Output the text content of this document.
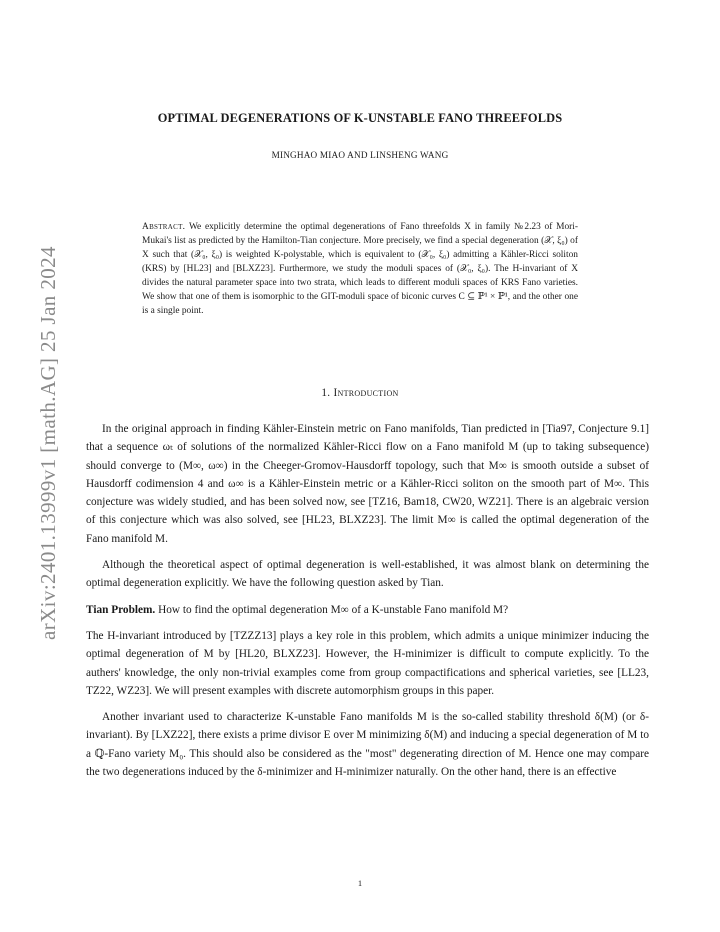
arXiv:2401.13999v1 [math.AG] 25 Jan 2024
OPTIMAL DEGENERATIONS OF K-UNSTABLE FANO THREEFOLDS
MINGHAO MIAO AND LINSHENG WANG
Abstract. We explicitly determine the optimal degenerations of Fano threefolds X in family №2.23 of Mori-Mukai's list as predicted by the Hamilton-Tian conjecture. More precisely, we find a special degeneration (𝒳, ξ₀) of X such that (𝒳₀, ξ₀) is weighted K-polystable, which is equivalent to (𝒳₀, ξ₀) admitting a Kähler-Ricci soliton (KRS) by [HL23] and [BLXZ23]. Furthermore, we study the moduli spaces of (𝒳₀, ξ₀). The H-invariant of X divides the natural parameter space into two strata, which leads to different moduli spaces of KRS Fano varieties. We show that one of them is isomorphic to the GIT-moduli space of biconic curves C ⊆ ℙ¹ × ℙ¹, and the other one is a single point.
1. Introduction

In the original approach in finding Kähler-Einstein metric on Fano manifolds, Tian predicted in [Tia97, Conjecture 9.1] that a sequence ωₜ of solutions of the normalized Kähler-Ricci flow on a Fano manifold M (up to taking subsequence) should converge to (M∞, ω∞) in the Cheeger-Gromov-Hausdorff topology, such that M∞ is smooth outside a subset of Hausdorff codimension 4 and ω∞ is a Kähler-Einstein metric or a Kähler-Ricci soliton on the smooth part of M∞. This conjecture was widely studied, and has been solved now, see [TZ16, Bam18, CW20, WZ21]. There is an algebraic version of this conjecture which was also solved, see [HL23, BLXZ23]. The limit M∞ is called the optimal degeneration of the Fano manifold M.

Although the theoretical aspect of optimal degeneration is well-established, it was almost blank on determining the optimal degeneration explicitly. We have the following question asked by Tian.

Tian Problem. How to find the optimal degeneration M∞ of a K-unstable Fano manifold M?

The H-invariant introduced by [TZZZ13] plays a key role in this problem, which admits a unique minimizer inducing the optimal degeneration of M by [HL20, BLXZ23]. However, the H-minimizer is difficult to compute explicitly. To the authers' knowledge, the only non-trivial examples come from group compactifications and spherical varieties, see [LL23, TZ22, WZ23]. We will present examples with discrete automorphism groups in this paper.

Another invariant used to characterize K-unstable Fano manifolds M is the so-called stability threshold δ(M) (or δ-invariant). By [LXZ22], there exists a prime divisor E over M minimizing δ(M) and inducing a special degeneration of M to a ℚ-Fano variety M₀. This should also be considered as the "most" degenerating direction of M. Hence one may compare the two degenerations induced by the δ-minimizer and H-minimizer naturally. On the other hand, there is an effective

1
